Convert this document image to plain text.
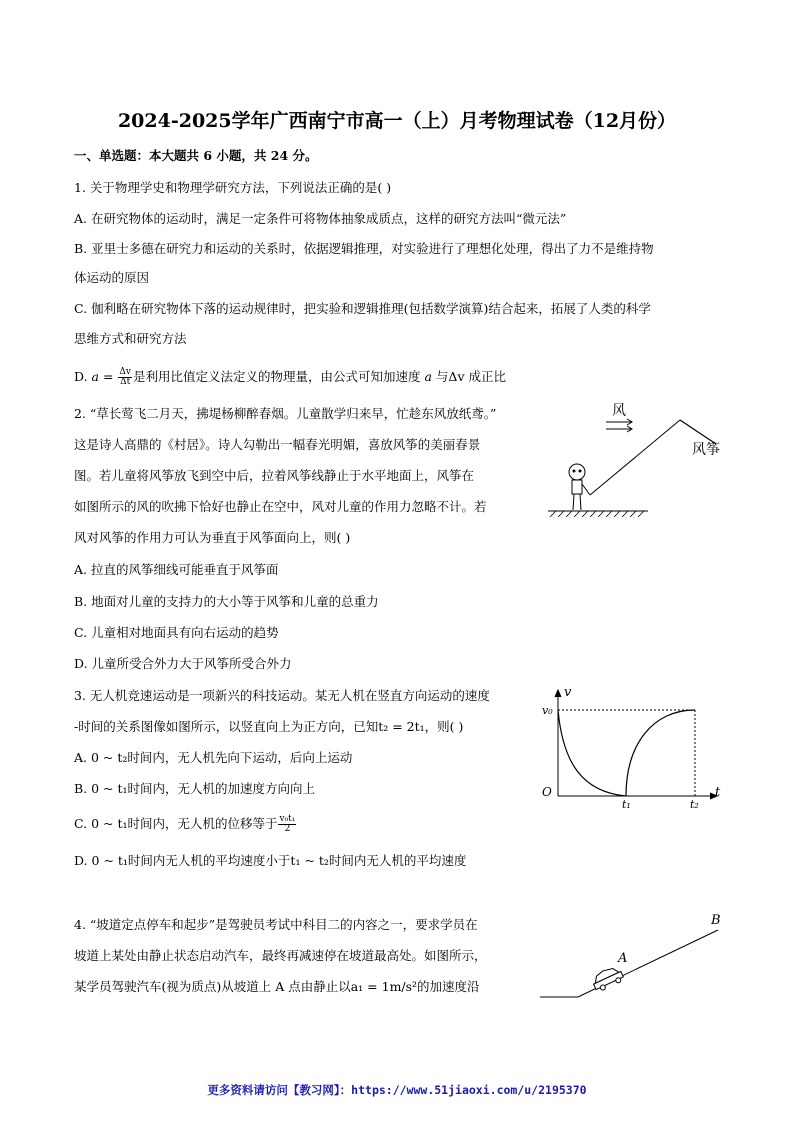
2024-2025学年广西南宁市高一（上）月考物理试卷（12月份）
一、单选题：本大题共 6 小题，共 24 分。
1. 关于物理学史和物理学研究方法，下列说法正确的是( )
A. 在研究物体的运动时，满足一定条件可将物体抽象成质点，这样的研究方法叫“微元法”
B. 亚里士多德在研究力和运动的关系时，依据逻辑推理，对实验进行了理想化处理，得出了力不是维持物
体运动的原因
C. 伽利略在研究物体下落的运动规律时，把实验和逻辑推理(包括数学演算)结合起来，拓展了人类的科学
思维方式和研究方法
D. $a = \frac{\Delta v}{\Delta t}$ 是利用比值定义法定义的物理量，由公式可知加速度 a 与Δv 成正比
2. “草长莺飞二月天，拂堤杨柳醉春烟。儿童散学归来早，忙趁东风放纸鸢。”
这是诗人高鼎的《村居》。诗人勾勒出一幅春光明媚，喜放风筝的美丽春景
图。若儿童将风筝放飞到空中后，拉着风筝线静止于水平地面上，风筝在
如图所示的风的吹拂下恰好也静止在空中，风对儿童的作用力忽略不计。若
风对风筝的作用力可认为垂直于风筝面向上，则( )
A. 拉直的风筝细线可能垂直于风筝面
B. 地面对儿童的支持力的大小等于风筝和儿童的总重力
C. 儿童相对地面具有向右运动的趋势
D. 儿童所受合外力大于风筝所受合外力
风
风筝
3. 无人机竞速运动是一项新兴的科技运动。某无人机在竖直方向运动的速度
-时间的关系图像如图所示，以竖直向上为正方向，已知t₂ = 2t₁，则( )
A. 0 ~ t₂时间内，无人机先向下运动，后向上运动
B. 0 ~ t₁时间内，无人机的加速度方向向上
C. 0 ~ t₁时间内，无人机的位移等于 $\frac{\text{v₀t₁}}{2}$
D. 0 ~ t₁时间内无人机的平均速度小于t₁ ~ t₂时间内无人机的平均速度
v
v₀
O
t₁	t₂
t
4. “坡道定点停车和起步”是驾驶员考试中科目二的内容之一，要求学员在
坡道上某处由静止状态启动汽车，最终再减速停在坡道最高处。如图所示，
某学员驾驶汽车(视为质点)从坡道上 A 点由静止以a₁ = 1m/s²的加速度沿
B
A
更多资料请访问【教习网】：https://www.51jiaoxi.com/u/2195370
